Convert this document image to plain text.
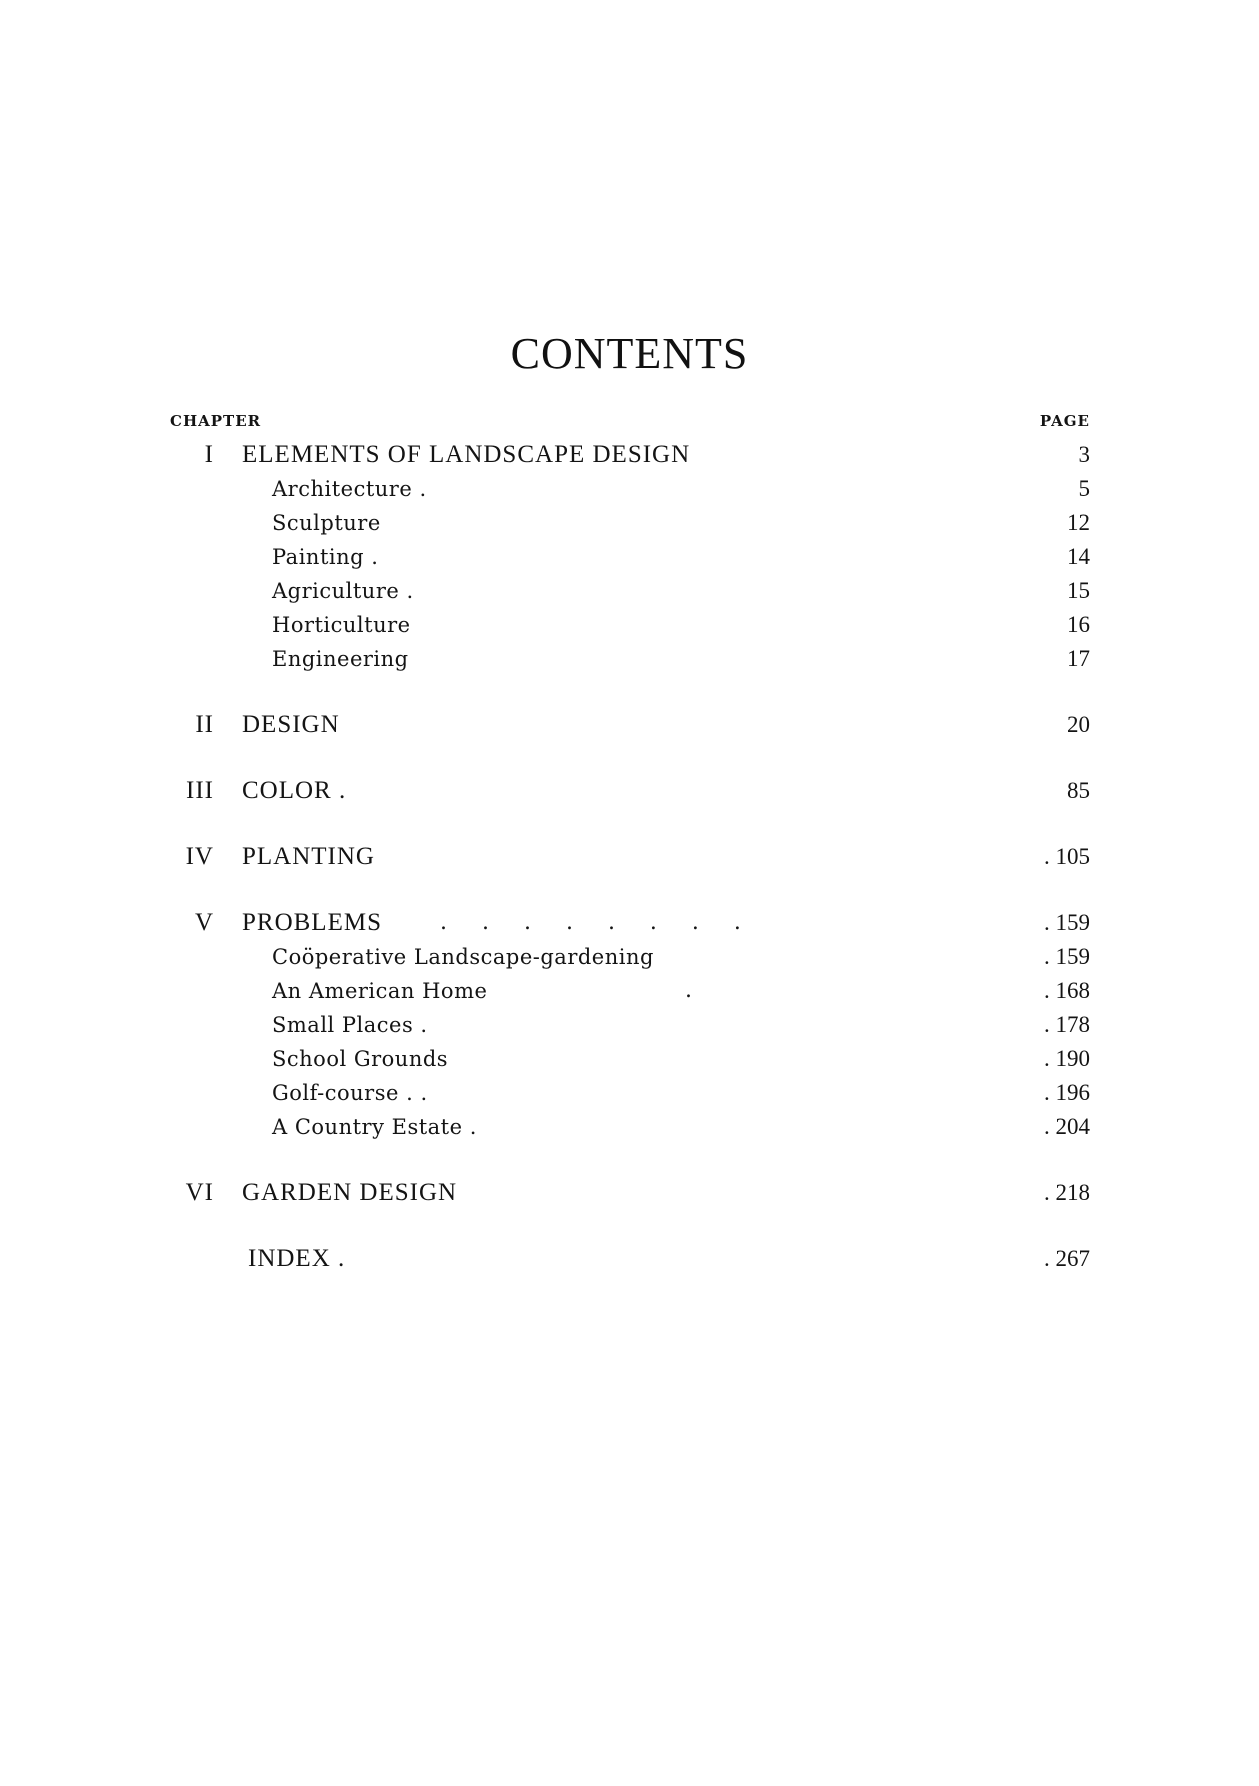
CONTENTS
CHAPTER	PAGE
I ELEMENTS OF LANDSCAPE DESIGN	3
Architecture .	5
Sculpture	12
Painting .	14
Agriculture .	15
Horticulture	16
Engineering	17
II DESIGN	20
III COLOR .	85
IV PLANTING	. 105
V PROBLEMS	. . . . . . . .	. 159
Coöperative Landscape-gardening	. 159
An American Home	.	. 168
Small Places .	. 178
School Grounds	. 190
Golf-course . .	. 196
A Country Estate .	. 204
VI GARDEN DESIGN	. 218
INDEX .	. 267
